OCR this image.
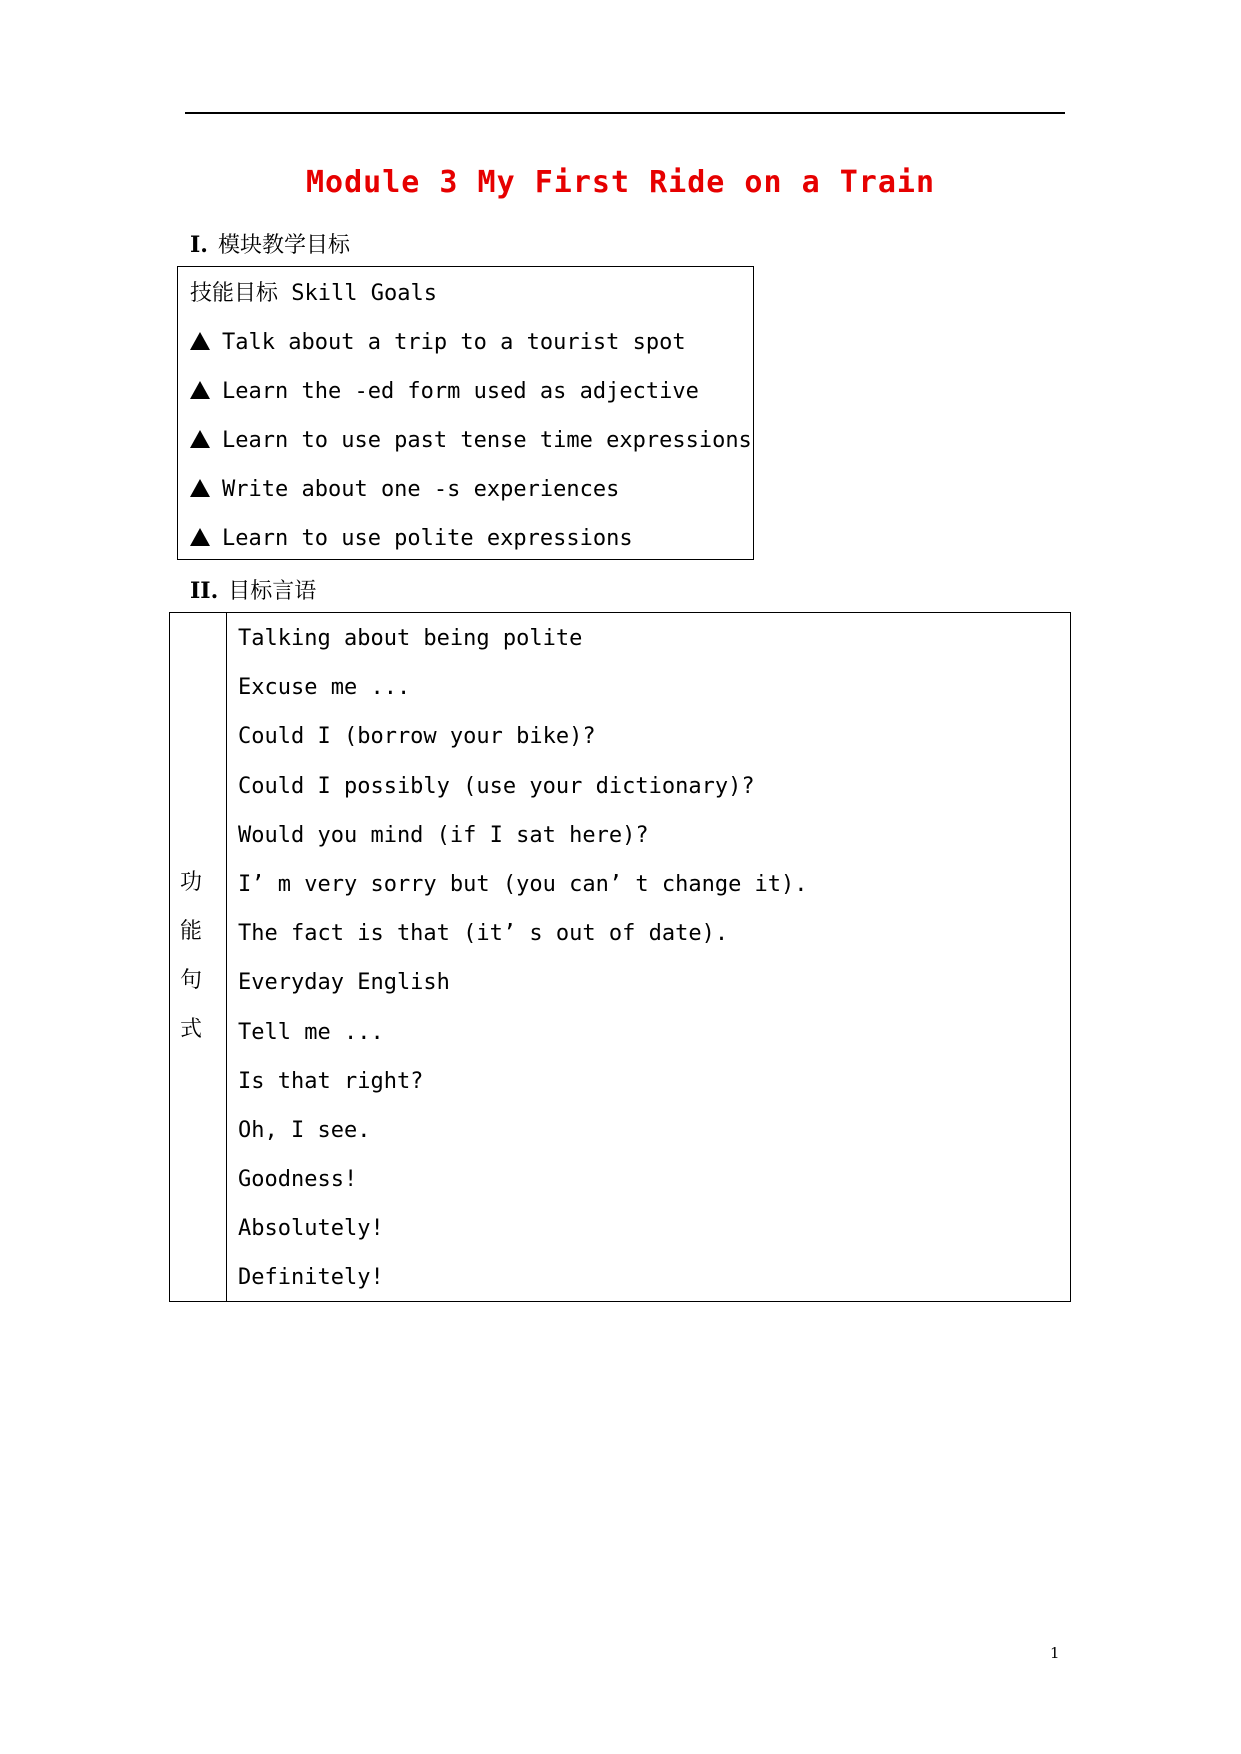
Module 3 My First Ride on a Train
I. 模块教学目标
技能目标 Skill Goals
Talk about a trip to a tourist spot
Learn the -ed form used as adjective
Learn to use past tense time expressions
Write about one -s experiences
Learn to use polite expressions
II. 目标言语
功
能
句
式
Talking about being polite
Excuse me ...
Could I (borrow your bike)?
Could I possibly (use your dictionary)?
Would you mind (if I sat here)?
I’ m very sorry but (you can’ t change it).
The fact is that (it’ s out of date).
Everyday English
Tell me ...
Is that right?
Oh, I see.
Goodness!
Absolutely!
Definitely!
1
